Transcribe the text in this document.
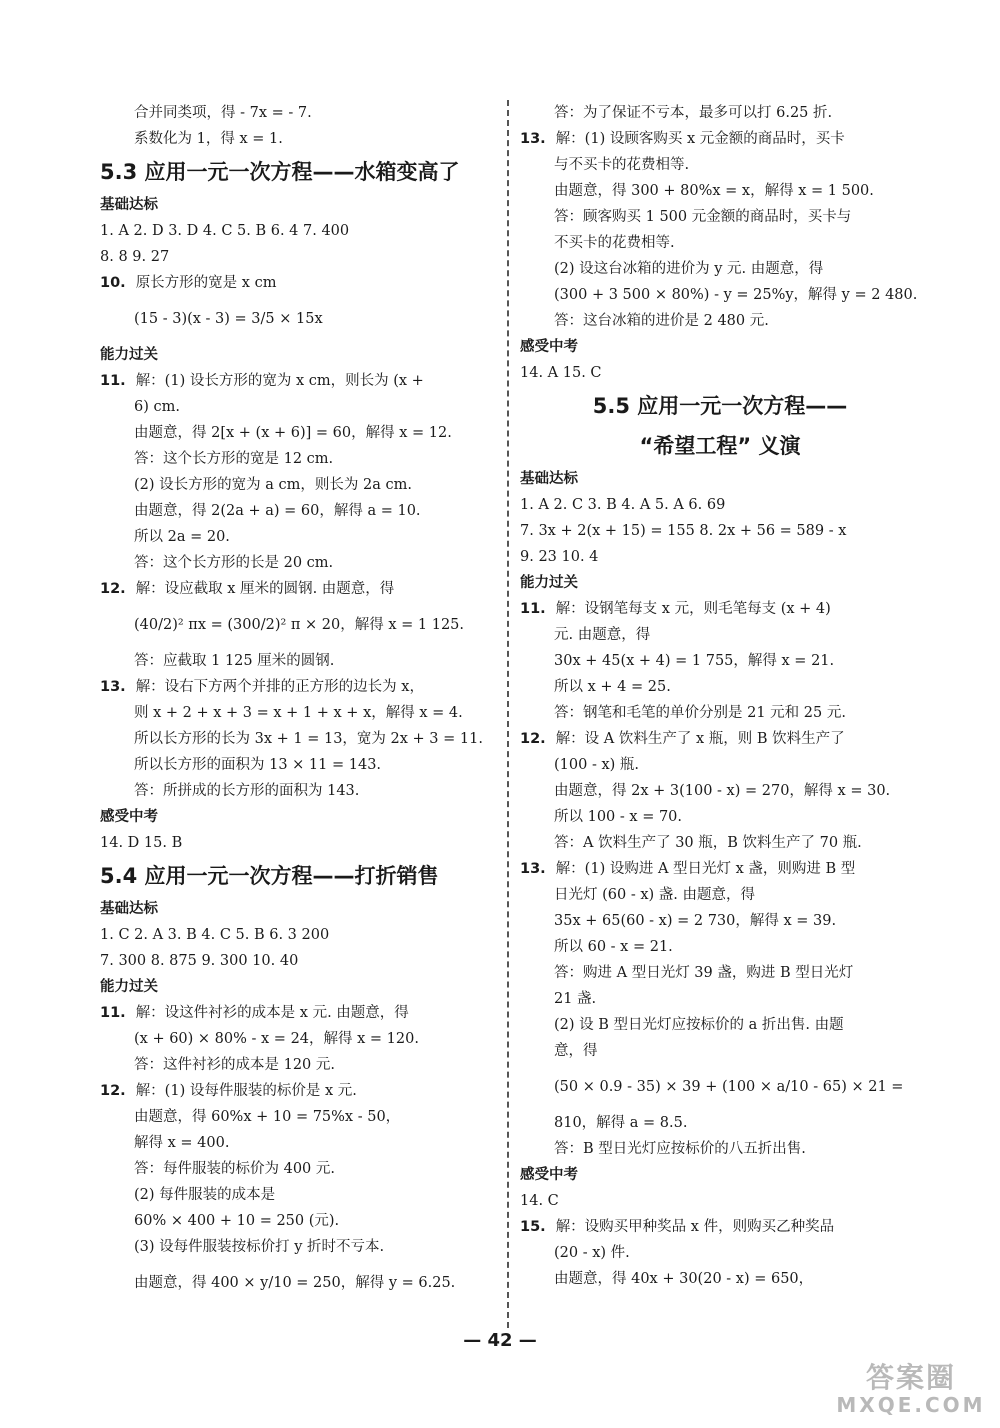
合并同类项，得 - 7x = - 7.
系数化为 1，得 x = 1.
5.3 应用一元一次方程——水箱变高了
基础达标
1. A 2. D 3. D 4. C 5. B 6. 4 7. 400
8. 8 9. 27
10. 原长方形的宽是 x cm
(15 - 3)(x - 3) = 3/5 × 15x
能力过关
11. 解：(1) 设长方形的宽为 x cm，则长为 (x +
6) cm.
由题意，得 2[x + (x + 6)] = 60，解得 x = 12.
答：这个长方形的宽是 12 cm.
(2) 设长方形的宽为 a cm，则长为 2a cm.
由题意，得 2(2a + a) = 60，解得 a = 10.
所以 2a = 20.
答：这个长方形的长是 20 cm.
12. 解：设应截取 x 厘米的圆钢. 由题意，得
(40/2)² πx = (300/2)² π × 20，解得 x = 1 125.
答：应截取 1 125 厘米的圆钢.
13. 解：设右下方两个并排的正方形的边长为 x，
则 x + 2 + x + 3 = x + 1 + x + x，解得 x = 4.
所以长方形的长为 3x + 1 = 13，宽为 2x + 3 = 11.
所以长方形的面积为 13 × 11 = 143.
答：所拼成的长方形的面积为 143.
感受中考
14. D 15. B
5.4 应用一元一次方程——打折销售
基础达标
1. C 2. A 3. B 4. C 5. B 6. 3 200
7. 300 8. 875 9. 300 10. 40
能力过关
11. 解：设这件衬衫的成本是 x 元. 由题意，得
(x + 60) × 80% - x = 24，解得 x = 120.
答：这件衬衫的成本是 120 元.
12. 解：(1) 设每件服装的标价是 x 元.
由题意，得 60%x + 10 = 75%x - 50，
解得 x = 400.
答：每件服装的标价为 400 元.
(2) 每件服装的成本是
60% × 400 + 10 = 250 (元).
(3) 设每件服装按标价打 y 折时不亏本.
由题意，得 400 × y/10 = 250，解得 y = 6.25.
答：为了保证不亏本，最多可以打 6.25 折.
13. 解：(1) 设顾客购买 x 元金额的商品时，买卡
与不买卡的花费相等.
由题意，得 300 + 80%x = x，解得 x = 1 500.
答：顾客购买 1 500 元金额的商品时，买卡与
不买卡的花费相等.
(2) 设这台冰箱的进价为 y 元. 由题意，得
(300 + 3 500 × 80%) - y = 25%y，解得 y = 2 480.
答：这台冰箱的进价是 2 480 元.
感受中考
14. A 15. C
5.5 应用一元一次方程——
“希望工程” 义演
基础达标
1. A 2. C 3. B 4. A 5. A 6. 69
7. 3x + 2(x + 15) = 155 8. 2x + 56 = 589 - x
9. 23 10. 4
能力过关
11. 解：设钢笔每支 x 元，则毛笔每支 (x + 4)
元. 由题意，得
30x + 45(x + 4) = 1 755，解得 x = 21.
所以 x + 4 = 25.
答：钢笔和毛笔的单价分别是 21 元和 25 元.
12. 解：设 A 饮料生产了 x 瓶，则 B 饮料生产了
(100 - x) 瓶.
由题意，得 2x + 3(100 - x) = 270，解得 x = 30.
所以 100 - x = 70.
答：A 饮料生产了 30 瓶，B 饮料生产了 70 瓶.
13. 解：(1) 设购进 A 型日光灯 x 盏，则购进 B 型
日光灯 (60 - x) 盏. 由题意，得
35x + 65(60 - x) = 2 730，解得 x = 39.
所以 60 - x = 21.
答：购进 A 型日光灯 39 盏，购进 B 型日光灯
21 盏.
(2) 设 B 型日光灯应按标价的 a 折出售. 由题
意，得
(50 × 0.9 - 35) × 39 + (100 × a/10 - 65) × 21 =
810，解得 a = 8.5.
答：B 型日光灯应按标价的八五折出售.
感受中考
14. C
15. 解：设购买甲种奖品 x 件，则购买乙种奖品
(20 - x) 件.
由题意，得 40x + 30(20 - x) = 650，
— 42 —
答案圈
MXQE.COM
